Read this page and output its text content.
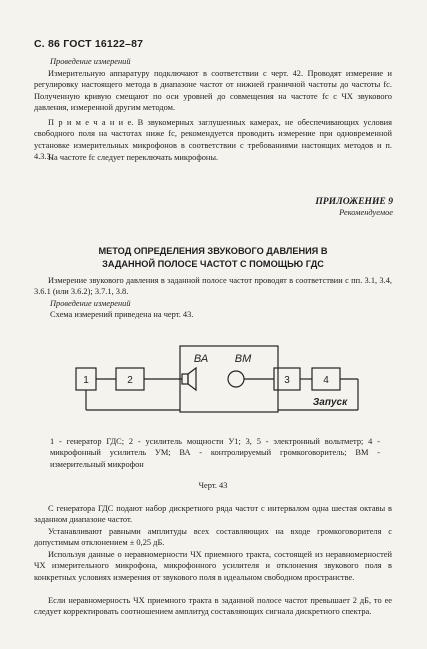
С. 86 ГОСТ 16122–87
Проведение измерений
Измерительную аппаратуру подключают в соответствии с черт. 42. Проводят измерение и регулировку настоящего метода в диапазоне частот от нижней граничной частоты до частоты fс. Полученную кривую смещают по оси уровней до совмещения на частоте fс с ЧХ звукового давления, измеренной другим методом.
П р и м е ч а н и е. В звукомерных заглушенных камерах, не обеспечивающих условия свободного поля на частотах ниже fс, рекомендуется проводить измерение при одновременной установке измерительных микрофонов в соответствии с требованиями настоящих методов и п. 4.3.3.
На частоте fс следует переключать микрофоны.
ПРИЛОЖЕНИЕ 9
Рекомендуемое
МЕТОД ОПРЕДЕЛЕНИЯ ЗВУКОВОГО ДАВЛЕНИЯ В
ЗАДАННОЙ ПОЛОСЕ ЧАСТОТ С ПОМОЩЬЮ ГДС
Измерение звукового давления в заданной полосе частот проводят в соответствии с пп. 3.1, 3.4, 3.6.1 (или 3.6.2); 3.7.1, 3.8.
Проведение измерений
Схема измерений приведена на черт. 43.
1	2	3	4
ВА ВМ
Запуск
1 - генератор ГДС; 2 - усилитель мощности У1; 3, 5 - электронный вольтметр; 4 - микрофонный усилитель УМ; ВА - контролируемый громкоговоритель; ВМ - измерительный микрофон
Черт. 43
С генератора ГДС подают набор дискретного ряда частот с интервалом одна шестая октавы в заданном диапазоне частот.
Устанавливают равными амплитуды всех составляющих на входе громкоговорителя с допустимым отклонением ± 0,25 дБ.
Используя данные о неравномерности ЧХ приемного тракта, состоящей из неравномерностей ЧХ измерительного микрофона, микрофонного усилителя и отклонения звукового поля в конкретных условиях измерения от звукового поля в идеальном свободном пространстве.
Если неравномерность ЧХ приемного тракта в заданной полосе частот превышает 2 дБ, то ее следует корректировать соотношением амплитуд составляющих сигнала дискретного спектра.
